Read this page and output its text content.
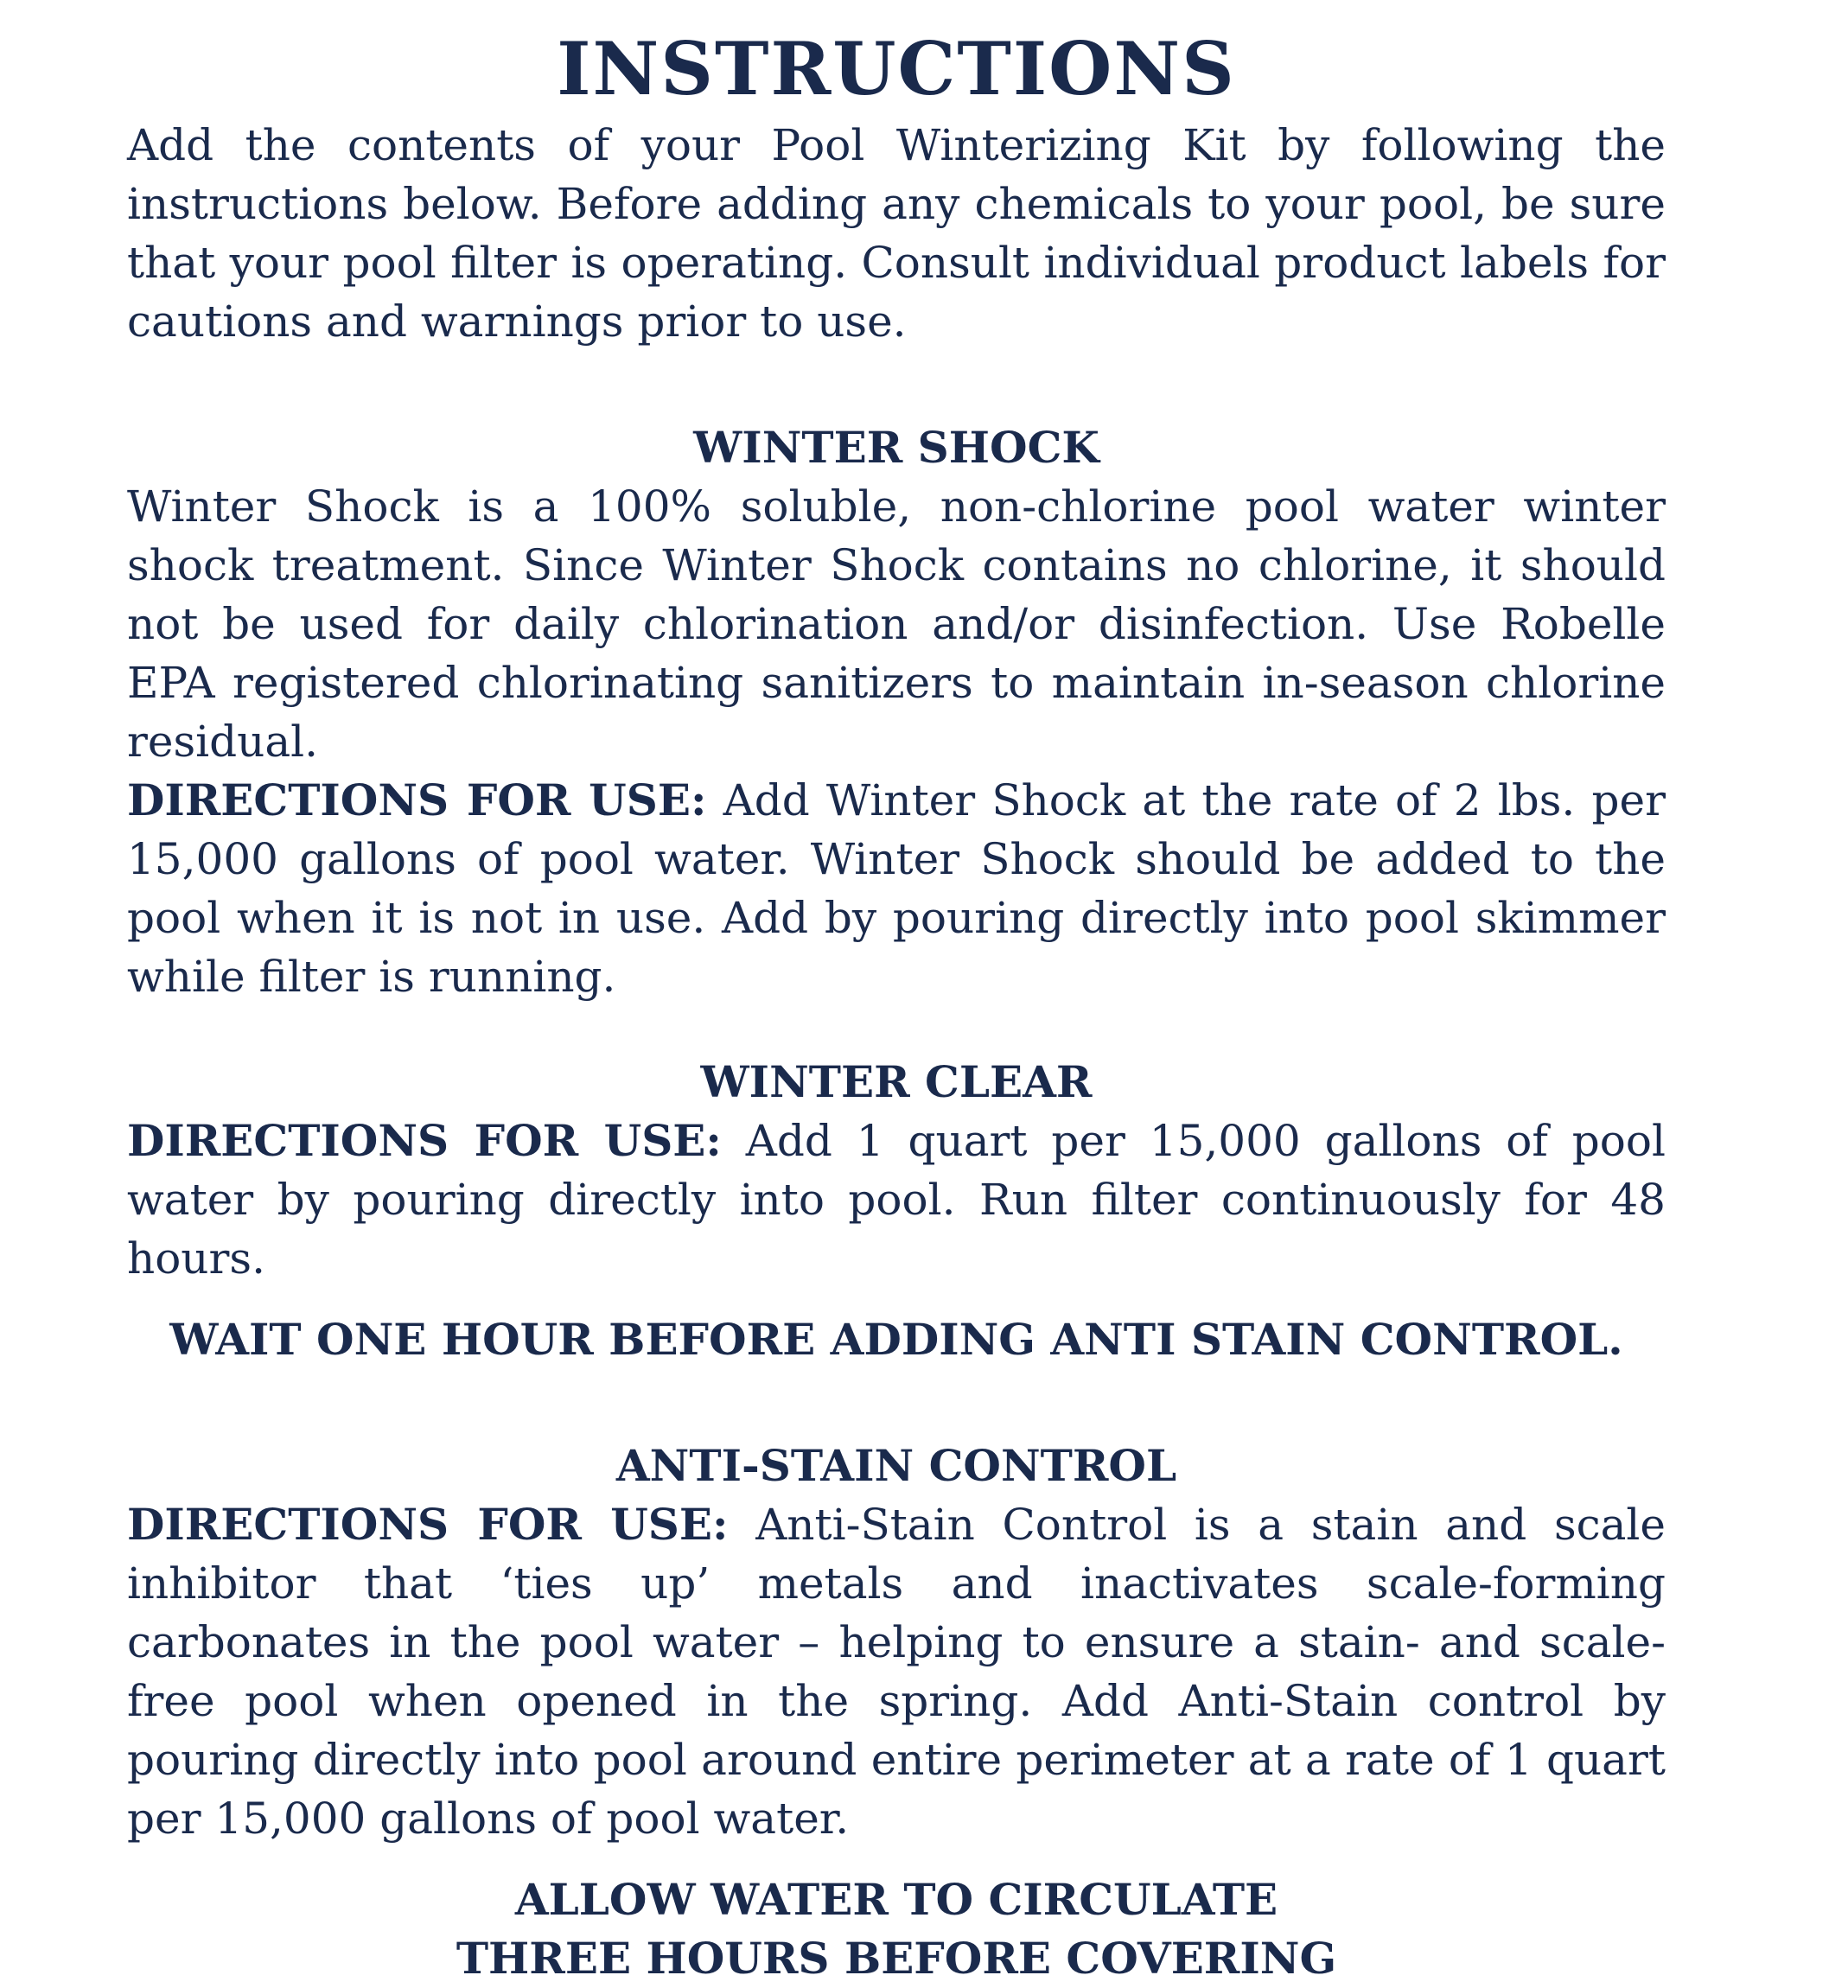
INSTRUCTIONS

Add the contents of your Pool Winterizing Kit by following the instructions below. Before adding any chemicals to your pool, be sure that your pool filter is operating. Consult individual product labels for cautions and warnings prior to use.

WINTER SHOCK

Winter Shock is a 100% soluble, non-chlorine pool water winter shock treatment. Since Winter Shock contains no chlorine, it should not be used for daily chlorination and/or disinfection. Use Robelle EPA registered chlorinating sanitizers to maintain in-season chlorine residual.

DIRECTIONS FOR USE: Add Winter Shock at the rate of 2 lbs. per 15,000 gallons of pool water. Winter Shock should be added to the pool when it is not in use. Add by pouring directly into pool skimmer while filter is running.

WINTER CLEAR

DIRECTIONS FOR USE: Add 1 quart per 15,000 gallons of pool water by pouring directly into pool. Run filter continuously for 48 hours.

WAIT ONE HOUR BEFORE ADDING ANTI STAIN CONTROL.

ANTI-STAIN CONTROL

DIRECTIONS FOR USE: Anti-Stain Control is a stain and scale inhibitor that ‘ties up’ metals and inactivates scale-forming carbonates in the pool water – helping to ensure a stain- and scale-free pool when opened in the spring. Add Anti-Stain control by pouring directly into pool around entire perimeter at a rate of 1 quart per 15,000 gallons of pool water.

ALLOW WATER TO CIRCULATE

THREE HOURS BEFORE COVERING
